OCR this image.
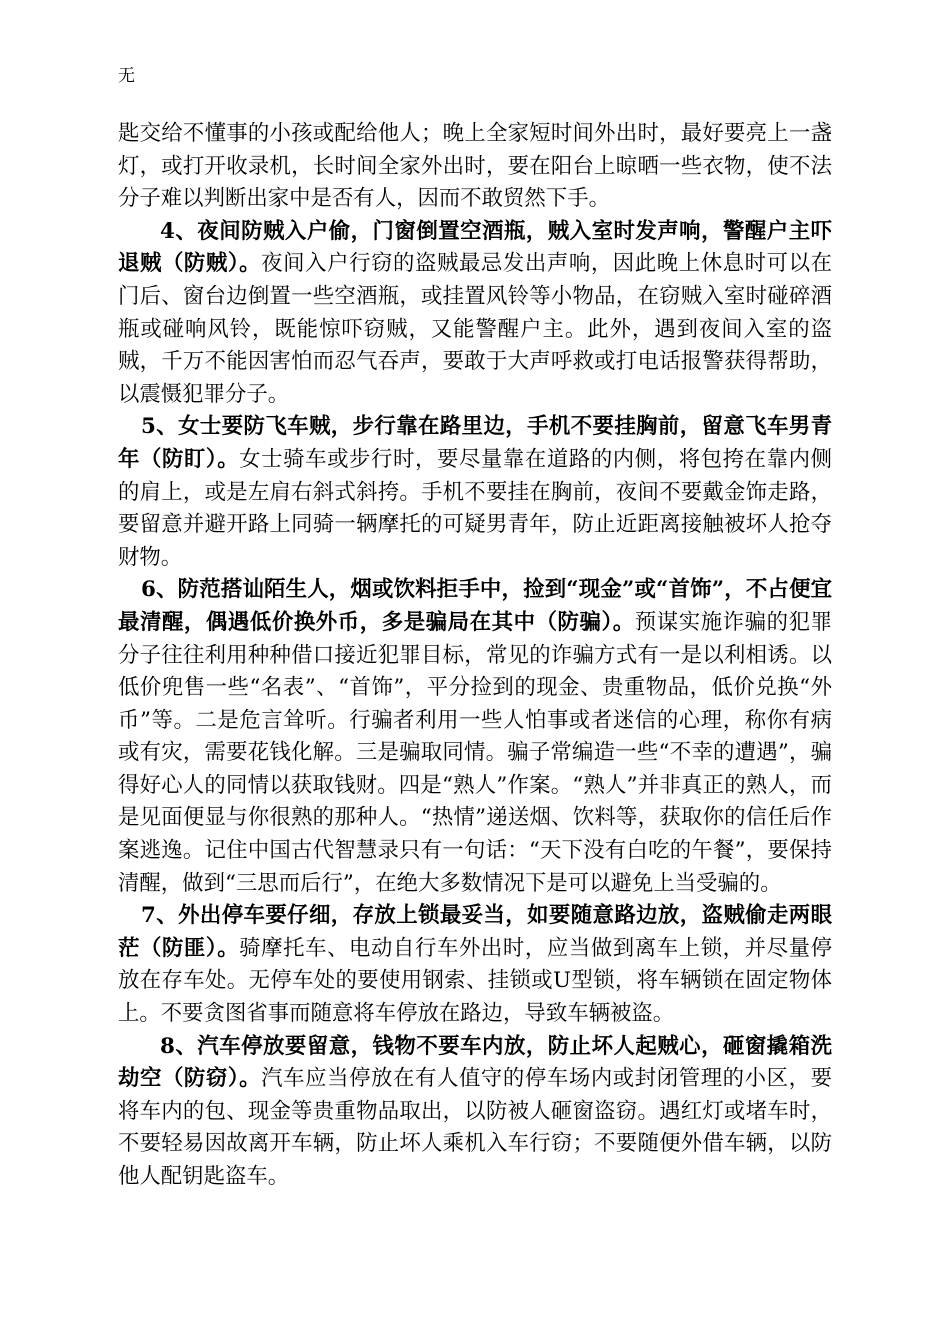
无

匙交给不懂事的小孩或配给他人；晚上全家短时间外出时，最好要亮上一盏灯，或打开收录机，长时间全家外出时，要在阳台上晾晒一些衣物，使不法分子难以判断出家中是否有人，因而不敢贸然下手。

4、夜间防贼入户偷，门窗倒置空酒瓶，贼入室时发声响，警醒户主吓退贼（防贼）。夜间入户行窃的盗贼最忌发出声响，因此晚上休息时可以在门后、窗台边倒置一些空酒瓶，或挂置风铃等小物品，在窃贼入室时碰碎酒瓶或碰响风铃，既能惊吓窃贼，又能警醒户主。此外，遇到夜间入室的盗贼，千万不能因害怕而忍气吞声，要敢于大声呼救或打电话报警获得帮助，以震慑犯罪分子。

5、女士要防飞车贼，步行靠在路里边，手机不要挂胸前，留意飞车男青年（防盯）。女士骑车或步行时，要尽量靠在道路的内侧，将包挎在靠内侧的肩上，或是左肩右斜式斜挎。手机不要挂在胸前，夜间不要戴金饰走路，要留意并避开路上同骑一辆摩托的可疑男青年，防止近距离接触被坏人抢夺财物。

6、防范搭讪陌生人，烟或饮料拒手中，捡到“现金”或“首饰”，不占便宜最清醒，偶遇低价换外币，多是骗局在其中（防骗）。预谋实施诈骗的犯罪分子往往利用种种借口接近犯罪目标，常见的诈骗方式有一是以利相诱。以低价兜售一些“名表”、“首饰”，平分捡到的现金、贵重物品，低价兑换“外币”等。二是危言耸听。行骗者利用一些人怕事或者迷信的心理，称你有病或有灾，需要花钱化解。三是骗取同情。骗子常编造一些“不幸的遭遇”，骗得好心人的同情以获取钱财。四是“熟人”作案。“熟人”并非真正的熟人，而是见面便显与你很熟的那种人。“热情”递送烟、饮料等，获取你的信任后作案逃逸。记住中国古代智慧录只有一句话：“天下没有白吃的午餐”，要保持清醒，做到“三思而后行”，在绝大多数情况下是可以避免上当受骗的。

7、外出停车要仔细，存放上锁最妥当，如要随意路边放，盗贼偷走两眼茫（防匪）。骑摩托车、电动自行车外出时，应当做到离车上锁，并尽量停放在存车处。无停车处的要使用钢索、挂锁或U型锁，将车辆锁在固定物体上。不要贪图省事而随意将车停放在路边，导致车辆被盗。

8、汽车停放要留意，钱物不要车内放，防止坏人起贼心，砸窗撬箱洗劫空（防窃）。汽车应当停放在有人值守的停车场内或封闭管理的小区，要将车内的包、现金等贵重物品取出，以防被人砸窗盗窃。遇红灯或堵车时，不要轻易因故离开车辆，防止坏人乘机入车行窃；不要随便外借车辆，以防他人配钥匙盗车。
